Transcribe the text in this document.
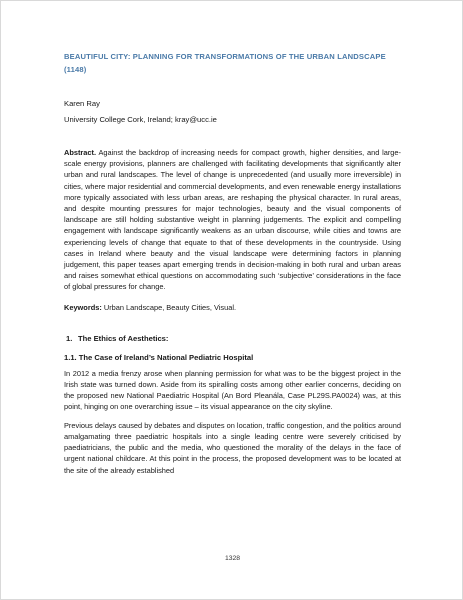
BEAUTIFUL CITY: PLANNING FOR TRANSFORMATIONS OF THE URBAN LANDSCAPE (1148)
Karen Ray
University College Cork, Ireland; kray@ucc.ie

Abstract. Against the backdrop of increasing needs for compact growth, higher densities, and large-scale energy provisions, planners are challenged with facilitating developments that significantly alter urban and rural landscapes. The level of change is unprecedented (and usually more irreversible) in cities, where major residential and commercial developments, and even renewable energy installations more typically associated with less urban areas, are reshaping the physical character. In rural areas, and despite mounting pressures for major technologies, beauty and the visual components of landscape are still holding substantive weight in planning judgements. The explicit and compelling engagement with landscape significantly weakens as an urban discourse, while cities and towns are experiencing levels of change that equate to that of these developments in the countryside. Using cases in Ireland where beauty and the visual landscape were determining factors in planning judgement, this paper teases apart emerging trends in decision-making in both rural and urban areas and raises somewhat ethical questions on accommodating such ‘subjective’ considerations in the face of global pressures for change.

Keywords: Urban Landscape, Beauty Cities, Visual.

1. The Ethics of Aesthetics:
1.1. The Case of Ireland’s National Pediatric Hospital

In 2012 a media frenzy arose when planning permission for what was to be the biggest project in the Irish state was turned down. Aside from its spiralling costs among other earlier concerns, deciding on the proposed new National Paediatric Hospital (An Bord Pleanála, Case PL29S.PA0024) was, at this point, hinging on one overarching issue – its visual appearance on the city skyline.

Previous delays caused by debates and disputes on location, traffic congestion, and the politics around amalgamating three paediatric hospitals into a single leading centre were severely criticised by paediatricians, the public and the media, who questioned the morality of the delays in the face of urgent national childcare. At this point in the process, the proposed development was to be located at the site of the already established

1328
